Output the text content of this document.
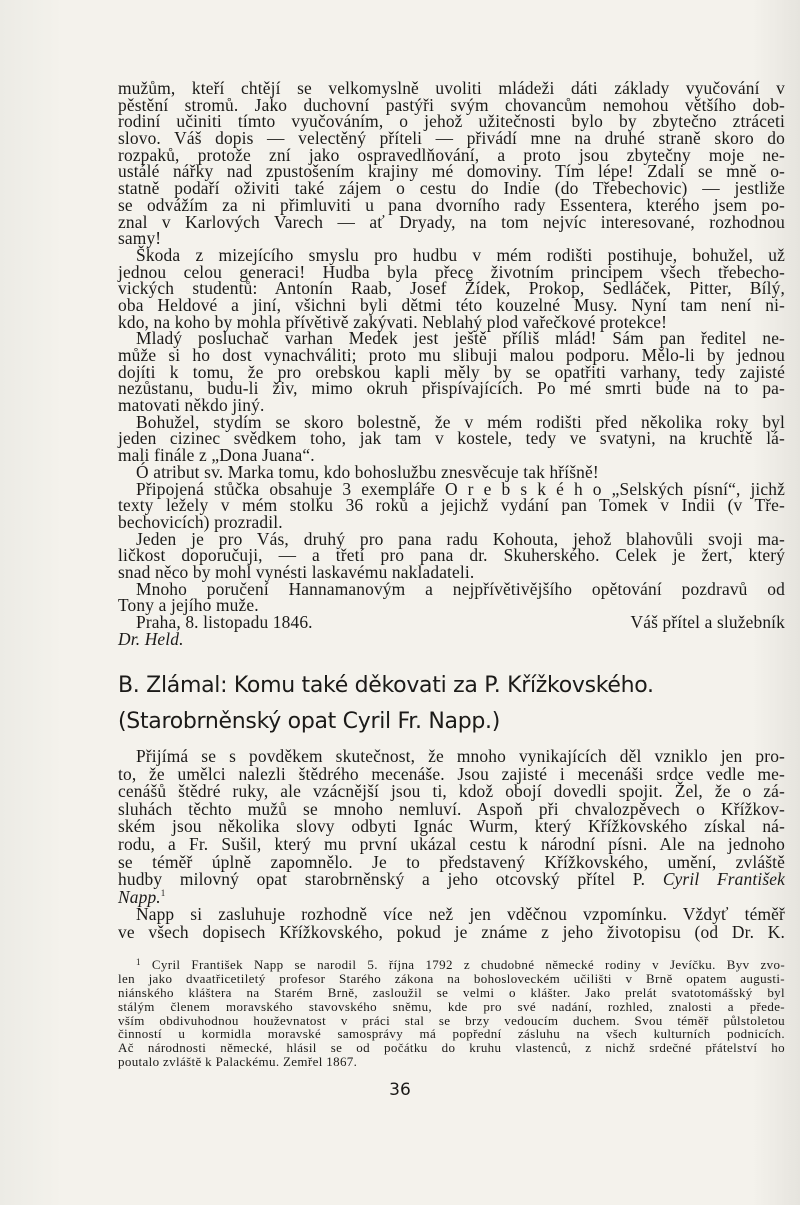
mužům, kteří chtějí se velkomyslně uvoliti mládeži dáti základy vyučování v
pěstění stromů. Jako duchovní pastýři svým chovancům nemohou většího dob-
rodiní učiniti tímto vyučováním, o jehož užitečnosti bylo by zbytečno ztráceti
slovo. Váš dopis — velectěný příteli — přivádí mne na druhé straně skoro do
rozpaků, protože zní jako ospravedlňování, a proto jsou zbytečny moje ne-
ustálé nářky nad zpustošením krajiny mé domoviny. Tím lépe! Zdali se mně o-
statně podaří oživiti také zájem o cestu do Indie (do Třebechovic) — jestliže
se odvážím za ni přimluviti u pana dvorního rady Essentera, kterého jsem po-
znal v Karlových Varech — ať Dryady, na tom nejvíc interesované, rozhodnou
samy!
Škoda z mizejícího smyslu pro hudbu v mém rodišti postihuje, bohužel, už
jednou celou generaci! Hudba byla přece životním principem všech třebecho-
vických studentů: Antonín Raab, Josef Žídek, Prokop, Sedláček, Pitter, Bílý,
oba Heldové a jiní, všichni byli dětmi této kouzelné Musy. Nyní tam není ni-
kdo, na koho by mohla přívětivě zakývati. Neblahý plod vařečkové protekce!
Mladý posluchač varhan Medek jest ještě příliš mlád! Sám pan ředitel ne-
může si ho dost vynachváliti; proto mu slibuji malou podporu. Mělo-li by jednou
dojíti k tomu, že pro orebskou kapli měly by se opatřiti varhany, tedy zajisté
nezůstanu, budu-li živ, mimo okruh přispívajících. Po mé smrti bude na to pa-
matovati někdo jiný.
Bohužel, stydím se skoro bolestně, že v mém rodišti před několika roky byl
jeden cizinec svědkem toho, jak tam v kostele, tedy ve svatyni, na kruchtě lá-
mali finále z „Dona Juana“.
Ó atribut sv. Marka tomu, kdo bohoslužbu znesvěcuje tak hříšně!
Připojená stůčka obsahuje 3 exempláře O r e b s k é h o „Selských písní“, jichž
texty ležely v mém stolku 36 roků a jejichž vydání pan Tomek v Indii (v Tře-
bechovicích) prozradil.
Jeden je pro Vás, druhý pro pana radu Kohouta, jehož blahovůli svoji ma-
ličkost doporučuji, — a třetí pro pana dr. Skuherského. Celek je žert, který
snad něco by mohl vynésti laskavému nakladateli.
Mnoho poručení Hannamanovým a nejpřívětivějšího opětování pozdravů od
Tony a jejího muže.
Praha, 8. listopadu 1846.	Váš přítel a služebník
Dr. Held.
B. Zlámal: Komu také děkovati za P. Křížkovského.
(Starobrněnský opat Cyril Fr. Napp.)
Přijímá se s povděkem skutečnost, že mnoho vynikajících děl vzniklo jen pro-
to, že umělci nalezli štědrého mecenáše. Jsou zajisté i mecenáši srdce vedle me-
cenášů štědré ruky, ale vzácnější jsou ti, kdož obojí dovedli spojit. Žel, že o zá-
sluhách těchto mužů se mnoho nemluví. Aspoň při chvalozpěvech o Křížkov-
ském jsou několika slovy odbyti Ignác Wurm, který Křížkovského získal ná-
rodu, a Fr. Sušil, který mu první ukázal cestu k národní písni. Ale na jednoho
se téměř úplně zapomnělo. Je to představený Křížkovského, umění, zvláště
hudby milovný opat starobrněnský a jeho otcovský přítel P. Cyril František
Napp.$^1$
Napp si zasluhuje rozhodně více než jen vděčnou vzpomínku. Vždyť téměř
ve všech dopisech Křížkovského, pokud je známe z jeho životopisu (od Dr. K.
$^1$ Cyril František Napp se narodil 5. října 1792 z chudobné německé rodiny v Jevíčku. Byv zvo-
len jako dvaatřicetiletý profesor Starého zákona na bohosloveckém učilišti v Brně opatem augusti-
niánského kláštera na Starém Brně, zasloužil se velmi o klášter. Jako prelát svatotomášský byl
stálým členem moravského stavovského sněmu, kde pro své nadání, rozhled, znalosti a přede-
vším obdivuhodnou houževnatost v práci stal se brzy vedoucím duchem. Svou téměř půlstoletou
činností u kormidla moravské samosprávy má popřední zásluhu na všech kulturních podnicích.
Ač národnosti německé, hlásil se od počátku do kruhu vlastenců, z nichž srdečné přátelství ho
poutalo zvláště k Palackému. Zemřel 1867.
36
